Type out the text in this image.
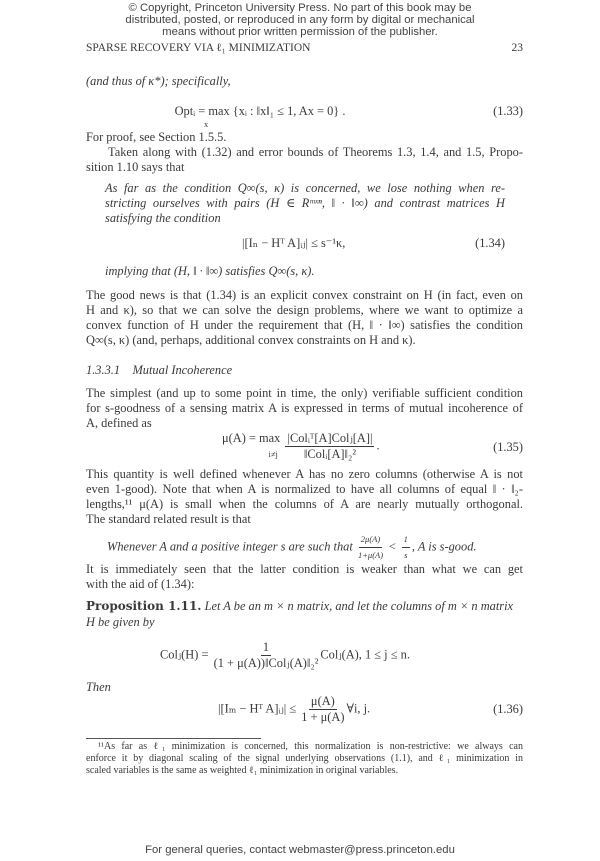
© Copyright, Princeton University Press. No part of this book may be
distributed, posted, or reproduced in any form by digital or mechanical
means without prior written permission of the publisher.
SPARSE RECOVERY VIA ℓ₁ MINIMIZATION	23
(and thus of κ*); specifically,
Optᵢ = max {xᵢ : ‖x‖₁ ≤ 1, Ax = 0} .
x
(1.33)
For proof, see Section 1.5.5.
Taken along with (1.32) and error bounds of Theorems 1.3, 1.4, and 1.5, Propo-
sition 1.10 says that
As far as the condition Q∞(s, κ) is concerned, we lose nothing when re-
stricting ourselves with pairs (H ∈ Rᵐˣⁿ, ‖ · ‖∞) and contrast matrices H
satisfying the condition
|[Iₙ − Hᵀ A]ᵢⱼ| ≤ s⁻¹κ,	(1.34)
implying that (H, ‖ · ‖∞) satisfies Q∞(s, κ).
The good news is that (1.34) is an explicit convex constraint on H (in fact, even on
H and κ), so that we can solve the design problems, where we want to optimize a
convex function of H under the requirement that (H, ‖ · ‖∞) satisfies the condition
Q∞(s, κ) (and, perhaps, additional convex constraints on H and κ).
1.3.3.1    Mutual Incoherence
The simplest (and up to some point in time, the only) verifiable sufficient condition
for s-goodness of a sensing matrix A is expressed in terms of mutual incoherence of
A, defined as
μ(A) = max
$i\ne j \frac{\text{|Colᵢᵀ[A]Colⱼ[A]|}}{\text{‖Colᵢ[A]‖₂²}}$ .	(1.35)
This quantity is well defined whenever A has no zero columns (otherwise A is not
even 1-good). Note that when A is normalized to have all columns of equal ‖ · ‖₂-
lengths,¹¹ μ(A) is small when the columns of A are nearly mutually orthogonal.
The standard related result is that
Whenever A and a positive integer s are such that $\frac{2\mu(A)}{1+\mu(A)} < \frac{1}{s}$ , A is s-good.
It is immediately seen that the latter condition is weaker than what we can get
with the aid of (1.34):
Proposition 1.11. Let A be an m × n matrix, and let the columns of m × n matrix
H be given by
Colⱼ(H) = $\frac{1}{\text{(1 + μ(A))‖Colⱼ(A)‖₂²}}$ Colⱼ(A), 1 ≤ j ≤ n.
Then
|[Iₘ − Hᵀ A]ᵢⱼ| ≤ $\frac{\mu(A)}{1 + \mu(A)}$ ∀i, j.	(1.36)
¹¹As far as ℓ₁ minimization is concerned, this normalization is non-restrictive: we always can
enforce it by diagonal scaling of the signal underlying observations (1.1), and ℓ₁ minimization in
scaled variables is the same as weighted ℓ₁ minimization in original variables.
For general queries, contact webmaster@press.princeton.edu
